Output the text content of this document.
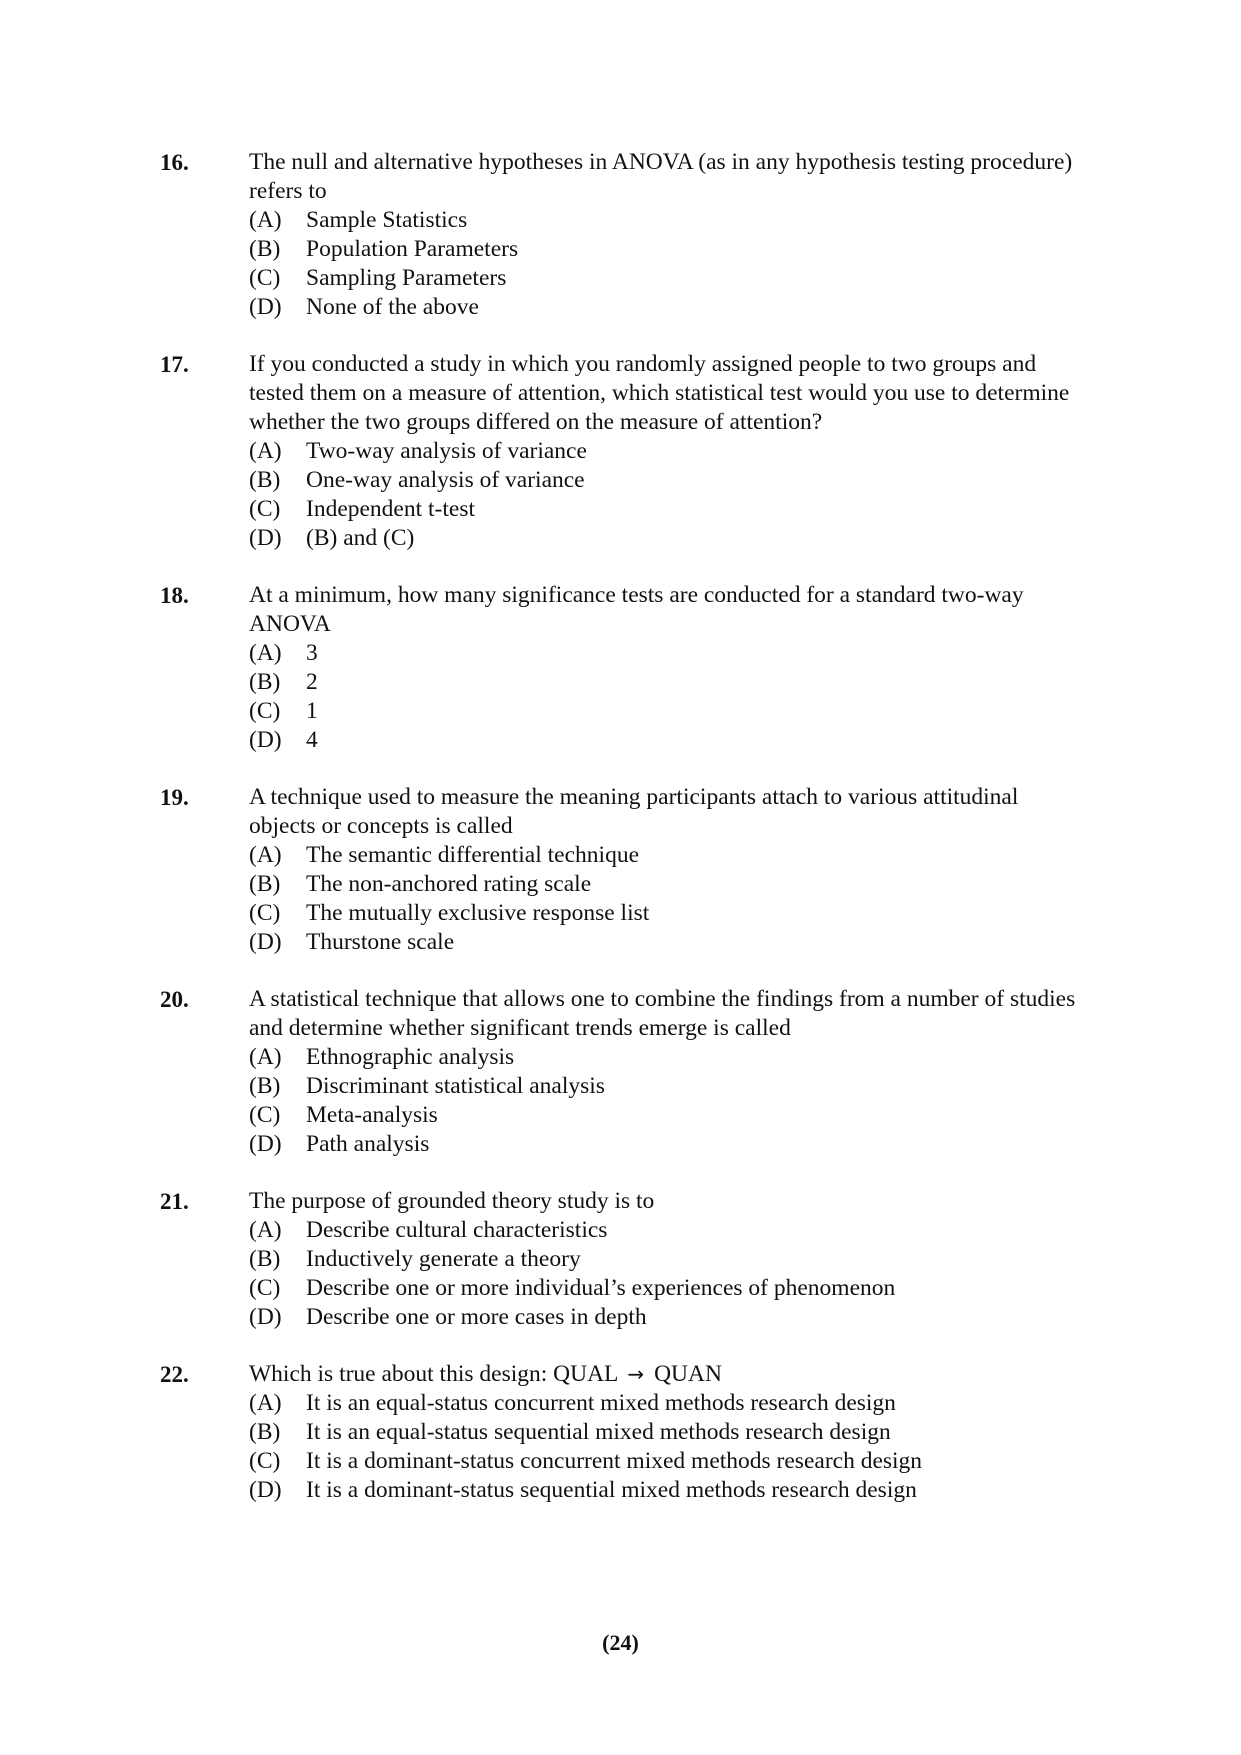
16.	The null and alternative hypotheses in ANOVA (as in any hypothesis testing procedure) refers to
(A)	Sample Statistics
(B)	Population Parameters
(C)	Sampling Parameters
(D)	None of the above
17.	If you conducted a study in which you randomly assigned people to two groups and tested them on a measure of attention, which statistical test would you use to determine whether the two groups differed on the measure of attention?
(A)	Two-way analysis of variance
(B)	One-way analysis of variance
(C)	Independent t-test
(D)	(B) and (C)
18.	At a minimum, how many significance tests are conducted for a standard two-way ANOVA
(A)	3
(B)	2
(C)	1
(D)	4
19.	A technique used to measure the meaning participants attach to various attitudinal objects or concepts is called
(A)	The semantic differential technique
(B)	The non-anchored rating scale
(C)	The mutually exclusive response list
(D)	Thurstone scale
20.	A statistical technique that allows one to combine the findings from a number of studies and determine whether significant trends emerge is called
(A)	Ethnographic analysis
(B)	Discriminant statistical analysis
(C)	Meta-analysis
(D)	Path analysis
21.	The purpose of grounded theory study is to
(A)	Describe cultural characteristics
(B)	Inductively generate a theory
(C)	Describe one or more individual’s experiences of phenomenon
(D)	Describe one or more cases in depth
22.	Which is true about this design: QUAL → QUAN
(A)	It is an equal-status concurrent mixed methods research design
(B)	It is an equal-status sequential mixed methods research design
(C)	It is a dominant-status concurrent mixed methods research design
(D)	It is a dominant-status sequential mixed methods research design
(24)
